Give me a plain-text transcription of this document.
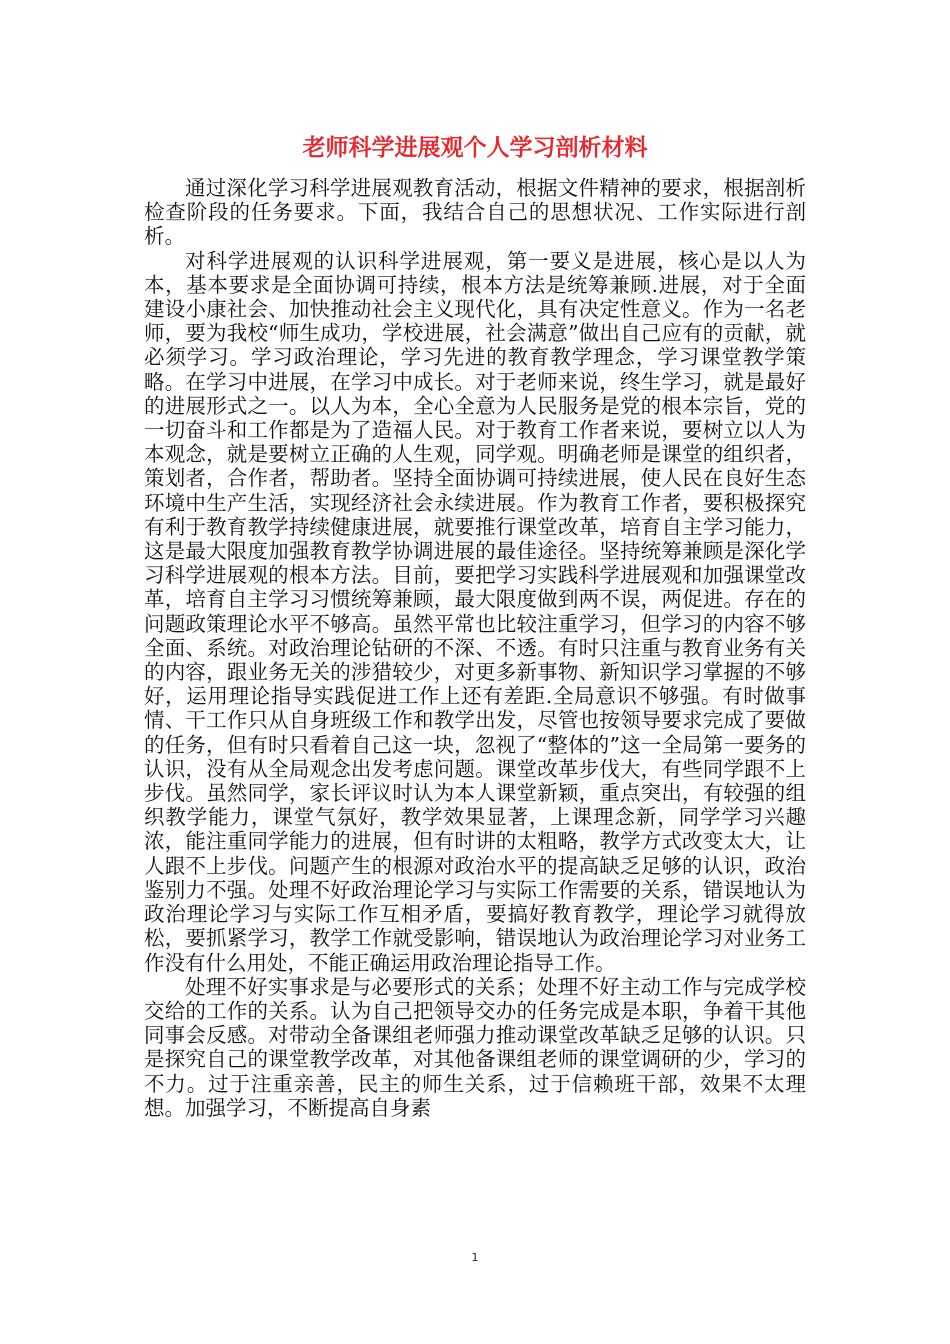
老师科学进展观个人学习剖析材料

通过深化学习科学进展观教育活动，根据文件精神的要求，根据剖析检查阶段的任务要求。下面，我结合自己的思想状况、工作实际进行剖析。

对科学进展观的认识科学进展观，第一要义是进展，核心是以人为本，基本要求是全面协调可持续，根本方法是统筹兼顾.进展，对于全面建设小康社会、加快推动社会主义现代化，具有决定性意义。作为一名老师，要为我校“师生成功，学校进展，社会满意”做出自己应有的贡献，就必须学习。学习政治理论，学习先进的教育教学理念，学习课堂教学策略。在学习中进展，在学习中成长。对于老师来说，终生学习，就是最好的进展形式之一。以人为本，全心全意为人民服务是党的根本宗旨，党的一切奋斗和工作都是为了造福人民。对于教育工作者来说，要树立以人为本观念，就是要树立正确的人生观，同学观。明确老师是课堂的组织者，策划者，合作者，帮助者。坚持全面协调可持续进展，使人民在良好生态环境中生产生活，实现经济社会永续进展。作为教育工作者，要积极探究有利于教育教学持续健康进展，就要推行课堂改革，培育自主学习能力，这是最大限度加强教育教学协调进展的最佳途径。坚持统筹兼顾是深化学习科学进展观的根本方法。目前，要把学习实践科学进展观和加强课堂改革，培育自主学习习惯统筹兼顾，最大限度做到两不误，两促进。存在的问题政策理论水平不够高。虽然平常也比较注重学习，但学习的内容不够全面、系统。对政治理论钻研的不深、不透。有时只注重与教育业务有关的内容，跟业务无关的涉猎较少，对更多新事物、新知识学习掌握的不够好，运用理论指导实践促进工作上还有差距.全局意识不够强。有时做事情、干工作只从自身班级工作和教学出发，尽管也按领导要求完成了要做的任务，但有时只看着自己这一块，忽视了“整体的”这一全局第一要务的认识，没有从全局观念出发考虑问题。课堂改革步伐大，有些同学跟不上步伐。虽然同学，家长评议时认为本人课堂新颖，重点突出，有较强的组织教学能力，课堂气氛好，教学效果显著，上课理念新，同学学习兴趣浓，能注重同学能力的进展，但有时讲的太粗略，教学方式改变太大，让人跟不上步伐。问题产生的根源对政治水平的提高缺乏足够的认识，政治鉴别力不强。处理不好政治理论学习与实际工作需要的关系，错误地认为政治理论学习与实际工作互相矛盾，要搞好教育教学，理论学习就得放松，要抓紧学习，教学工作就受影响，错误地认为政治理论学习对业务工作没有什么用处，不能正确运用政治理论指导工作。

处理不好实事求是与必要形式的关系；处理不好主动工作与完成学校交给的工作的关系。认为自己把领导交办的任务完成是本职，争着干其他同事会反感。对带动全备课组老师强力推动课堂改革缺乏足够的认识。只是探究自己的课堂教学改革，对其他备课组老师的课堂调研的少，学习的不力。过于注重亲善，民主的师生关系，过于信赖班干部，效果不太理想。加强学习，不断提高自身素

1
